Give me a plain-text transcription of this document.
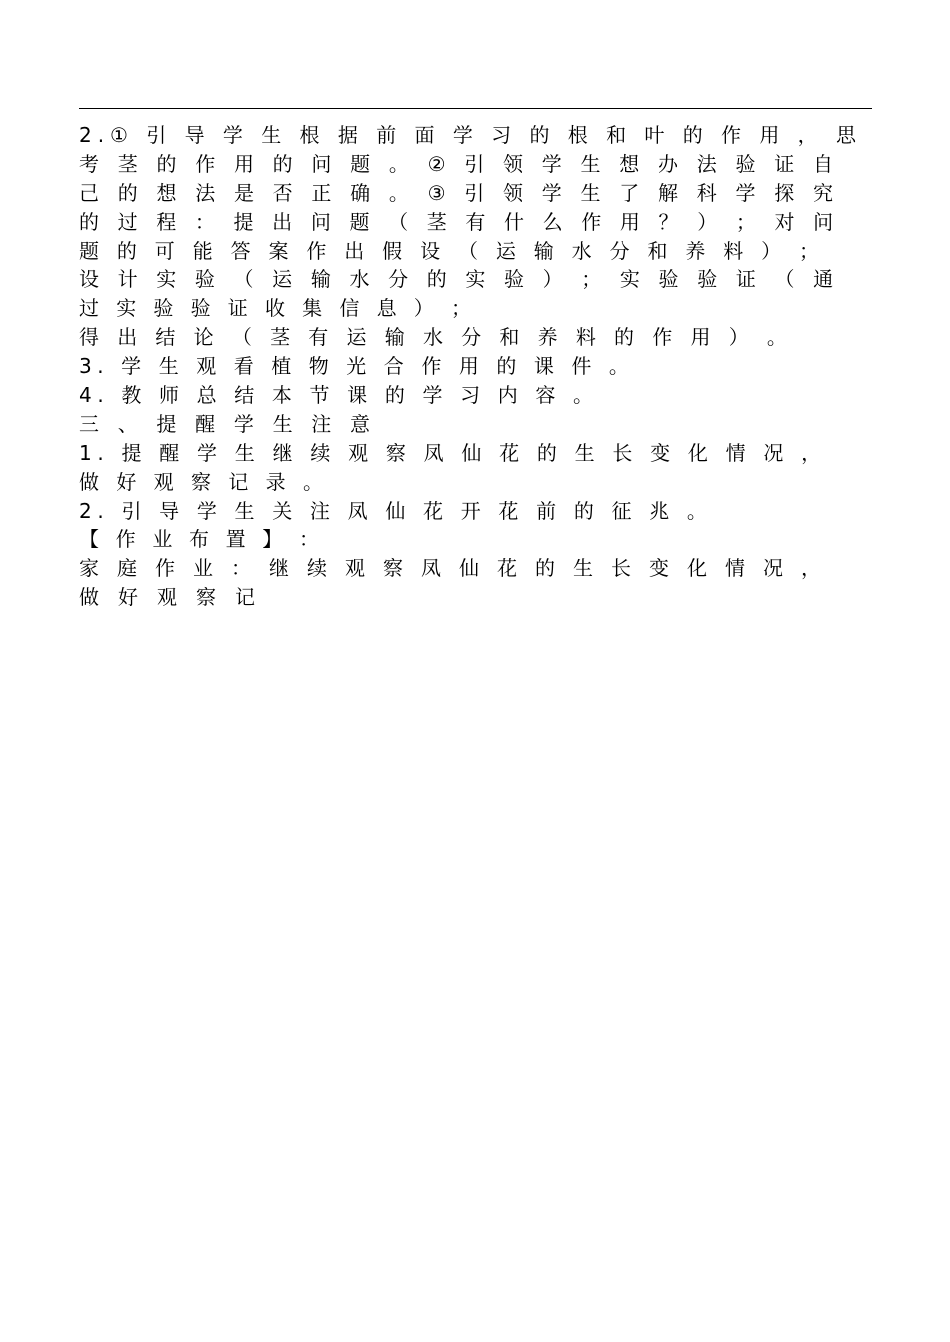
2.① 引 导 学 生 根 据 前 面 学 习 的 根 和 叶 的 作 用 ， 思
考 茎 的 作 用 的 问 题 。 ② 引 领 学 生 想 办 法 验 证 自
己 的 想 法 是 否 正 确 。 ③ 引 领 学 生 了 解 科 学 探 究
的 过 程 ： 提 出 问 题 （ 茎 有 什 么 作 用 ？ ） ； 对 问
题 的 可 能 答 案 作 出 假 设 （ 运 输 水 分 和 养 料 ） ；
设 计 实 验 （ 运 输 水 分 的 实 验 ） ； 实 验 验 证 （ 通
过 实 验 验 证 收 集 信 息 ） ；
得 出 结 论 （ 茎 有 运 输 水 分 和 养 料 的 作 用 ） 。
3. 学 生 观 看 植 物 光 合 作 用 的 课 件 。
4. 教 师 总 结 本 节 课 的 学 习 内 容 。
三 、 提 醒 学 生 注 意
1. 提 醒 学 生 继 续 观 察 凤 仙 花 的 生 长 变 化 情 况 ，
做 好 观 察 记 录 。
2. 引 导 学 生 关 注 凤 仙 花 开 花 前 的 征 兆 。
【 作 业 布 置 】 ：
家 庭 作 业 ： 继 续 观 察 凤 仙 花 的 生 长 变 化 情 况 ，
做 好 观 察 记
